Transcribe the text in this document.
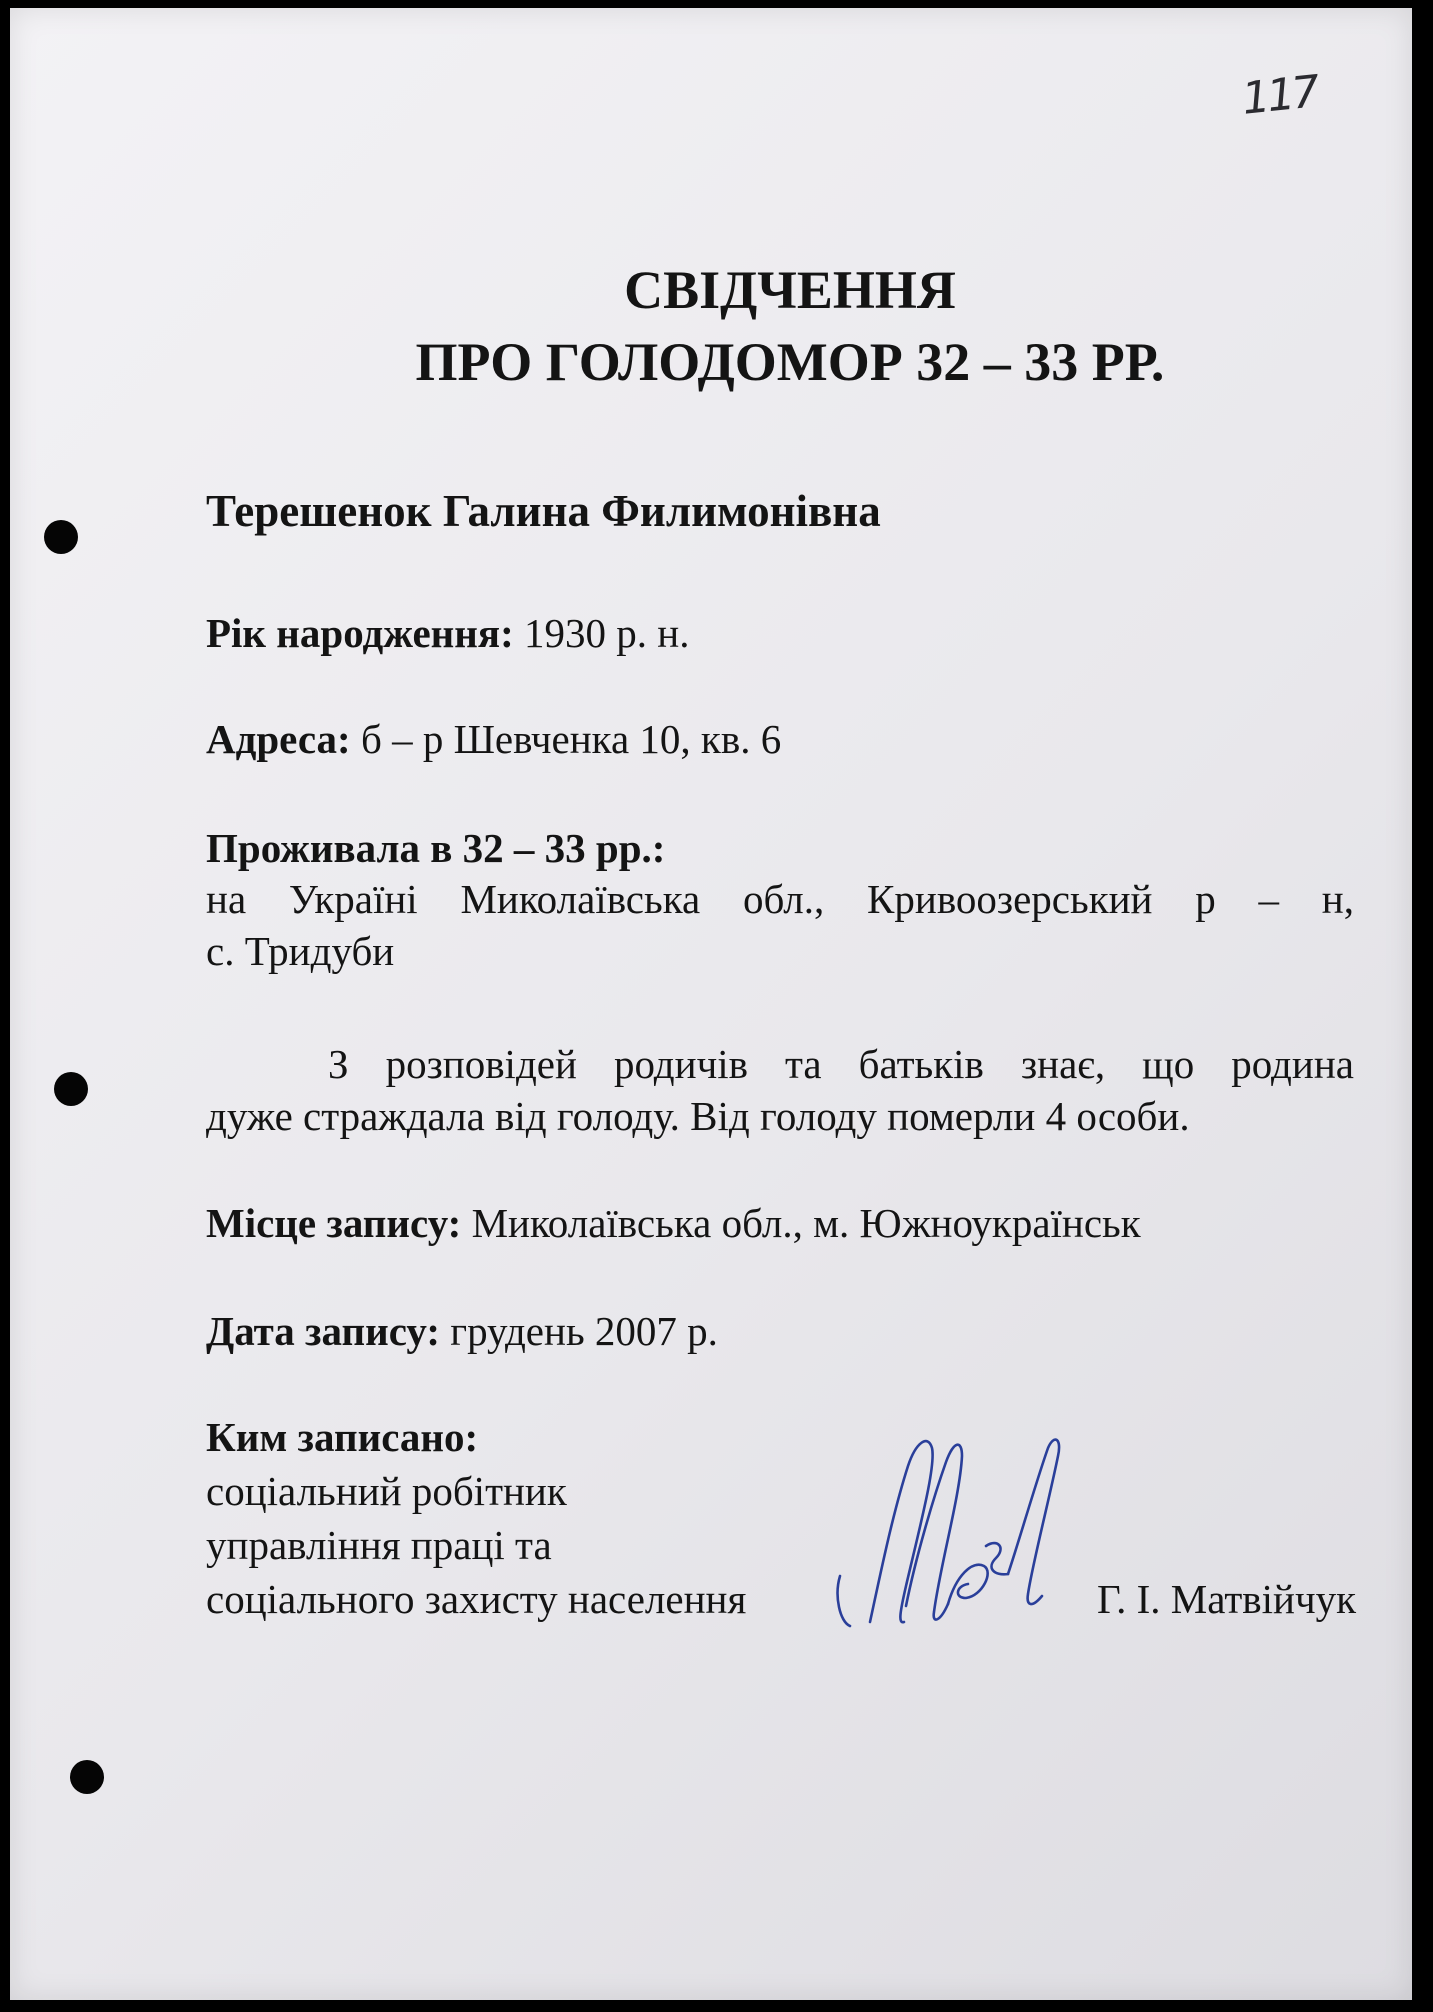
117
СВІДЧЕННЯ
ПРО ГОЛОДОМОР 32 – 33 РР.
Терешенок Галина Филимонівна
Рік народження: 1930 р. н.
Адреса: б – р Шевченка 10, кв. 6
Проживала в 32 – 33 рр.:
на Україні Миколаївська обл., Кривоозерський р – н,
с. Тридуби
З розповідей родичів та батьків знає, що родина
дуже страждала від голоду. Від голоду померли 4 особи.
Місце запису: Миколаївська обл., м. Южноукраїнськ
Дата запису: грудень 2007 р.
Ким записано:
соціальний робітник
управління праці та
соціального захисту населення	Г. І. Матвійчук
